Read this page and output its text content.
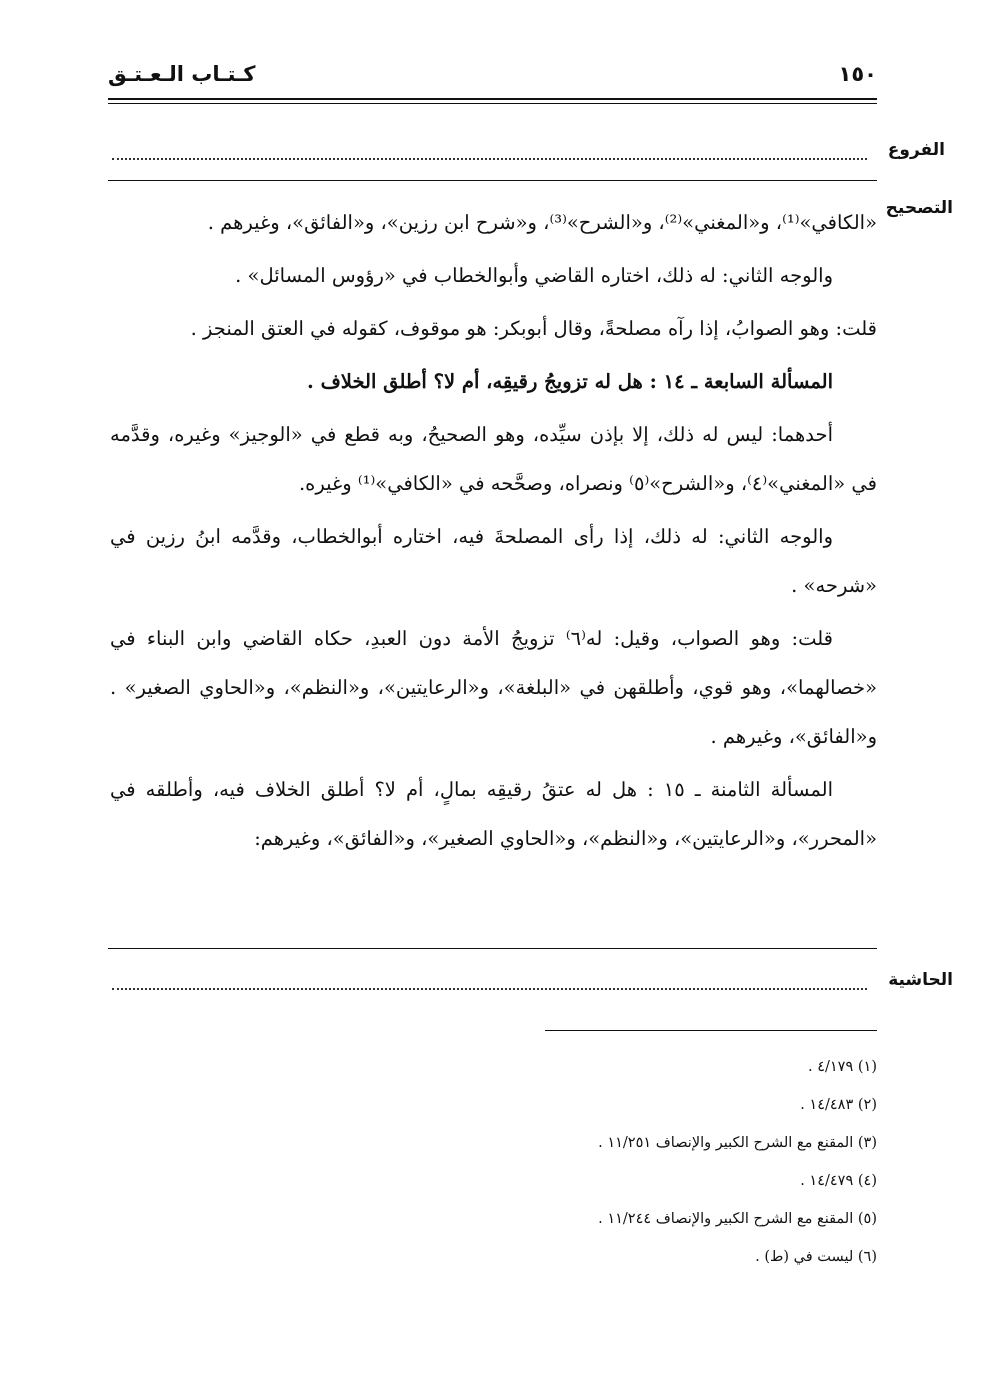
كـتـاب الـعـتـق	١٥٠
الفروع
التصحيح

«الكافي»⁽¹⁾، و«المغني»⁽²⁾، و«الشرح»⁽³⁾، و«شرح ابن رزين»، و«الفائق»، وغيرهم .

والوجه الثاني: له ذلك، اختاره القاضي وأبوالخطاب في «رؤوس المسائل» .

قلت: وهو الصوابُ، إذا رآه مصلحةً، وقال أبوبكر: هو موقوف، كقوله في العتق المنجز .

المسألة السابعة ـ ١٤ : هل له تزويجُ رقيقِه، أم لا؟ أطلق الخلاف .

أحدهما: ليس له ذلك، إلا بإذن سيِّده، وهو الصحيحُ، وبه قطع في «الوجيز» وغيره، وقدَّمه في «المغني»⁽٤⁾، و«الشرح»⁽٥⁾ ونصراه، وصحَّحه في «الكافي»⁽¹⁾ وغيره.

والوجه الثاني: له ذلك، إذا رأى المصلحةَ فيه، اختاره أبوالخطاب، وقدَّمه ابنُ رزين في «شرحه» .

قلت: وهو الصواب، وقيل: له⁽٦⁾ تزويجُ الأمة دون العبدِ، حكاه القاضي وابن البناء في «خصالهما»، وهو قوي، وأطلقهن في «البلغة»، و«الرعايتين»، و«النظم»، و«الحاوي الصغير» . و«الفائق»، وغيرهم .

المسألة الثامنة ـ ١٥ : هل له عتقُ رقيقِه بمالٍ، أم لا؟ أطلق الخلاف فيه، وأطلقه في «المحرر»، و«الرعايتين»، و«النظم»، و«الحاوي الصغير»، و«الفائق»، وغيرهم:

الحاشية
(١) ٤/١٧٩ .
(٢) ١٤/٤٨٣ .
(٣) المقنع مع الشرح الكبير والإنصاف ١١/٢٥١ .
(٤) ١٤/٤٧٩ .
(٥) المقنع مع الشرح الكبير والإنصاف ١١/٢٤٤ .
(٦) ليست في (ط) .
